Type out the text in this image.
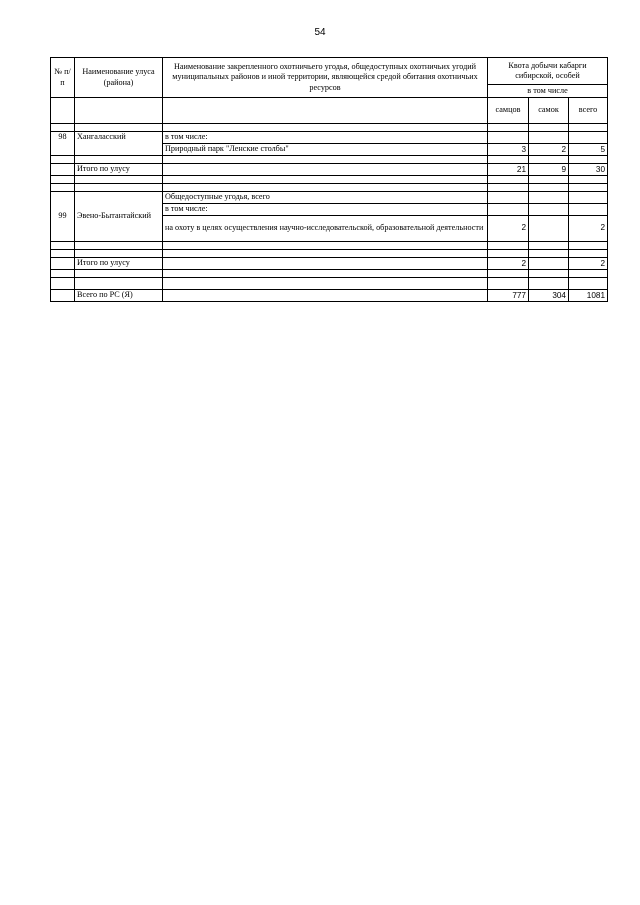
54
№ п/п	Наименование улуса (района)	Наименование закрепленного охотничьего угодья, общедоступных охотничьих угодий муниципальных районов и иной территории, являющейся средой обитания охотничьих ресурсов	Квота добычи кабарги сибирской, особей		

			в том числе		
			самцов	самок	всего

98	Хангаласский	в том числе:			
		Природный парк "Ленские столбы"	3	2	5

	Итого по улусу		21	9	30

99	Эвено-Бытантайский	Общедоступные угодья, всего			
		в том числе:			
		на охоту в целях осуществления научно-исследовательской, образовательной деятельности	2		2

	Итого по улусу		2		2

	Всего по РС (Я)		777	304	1081
